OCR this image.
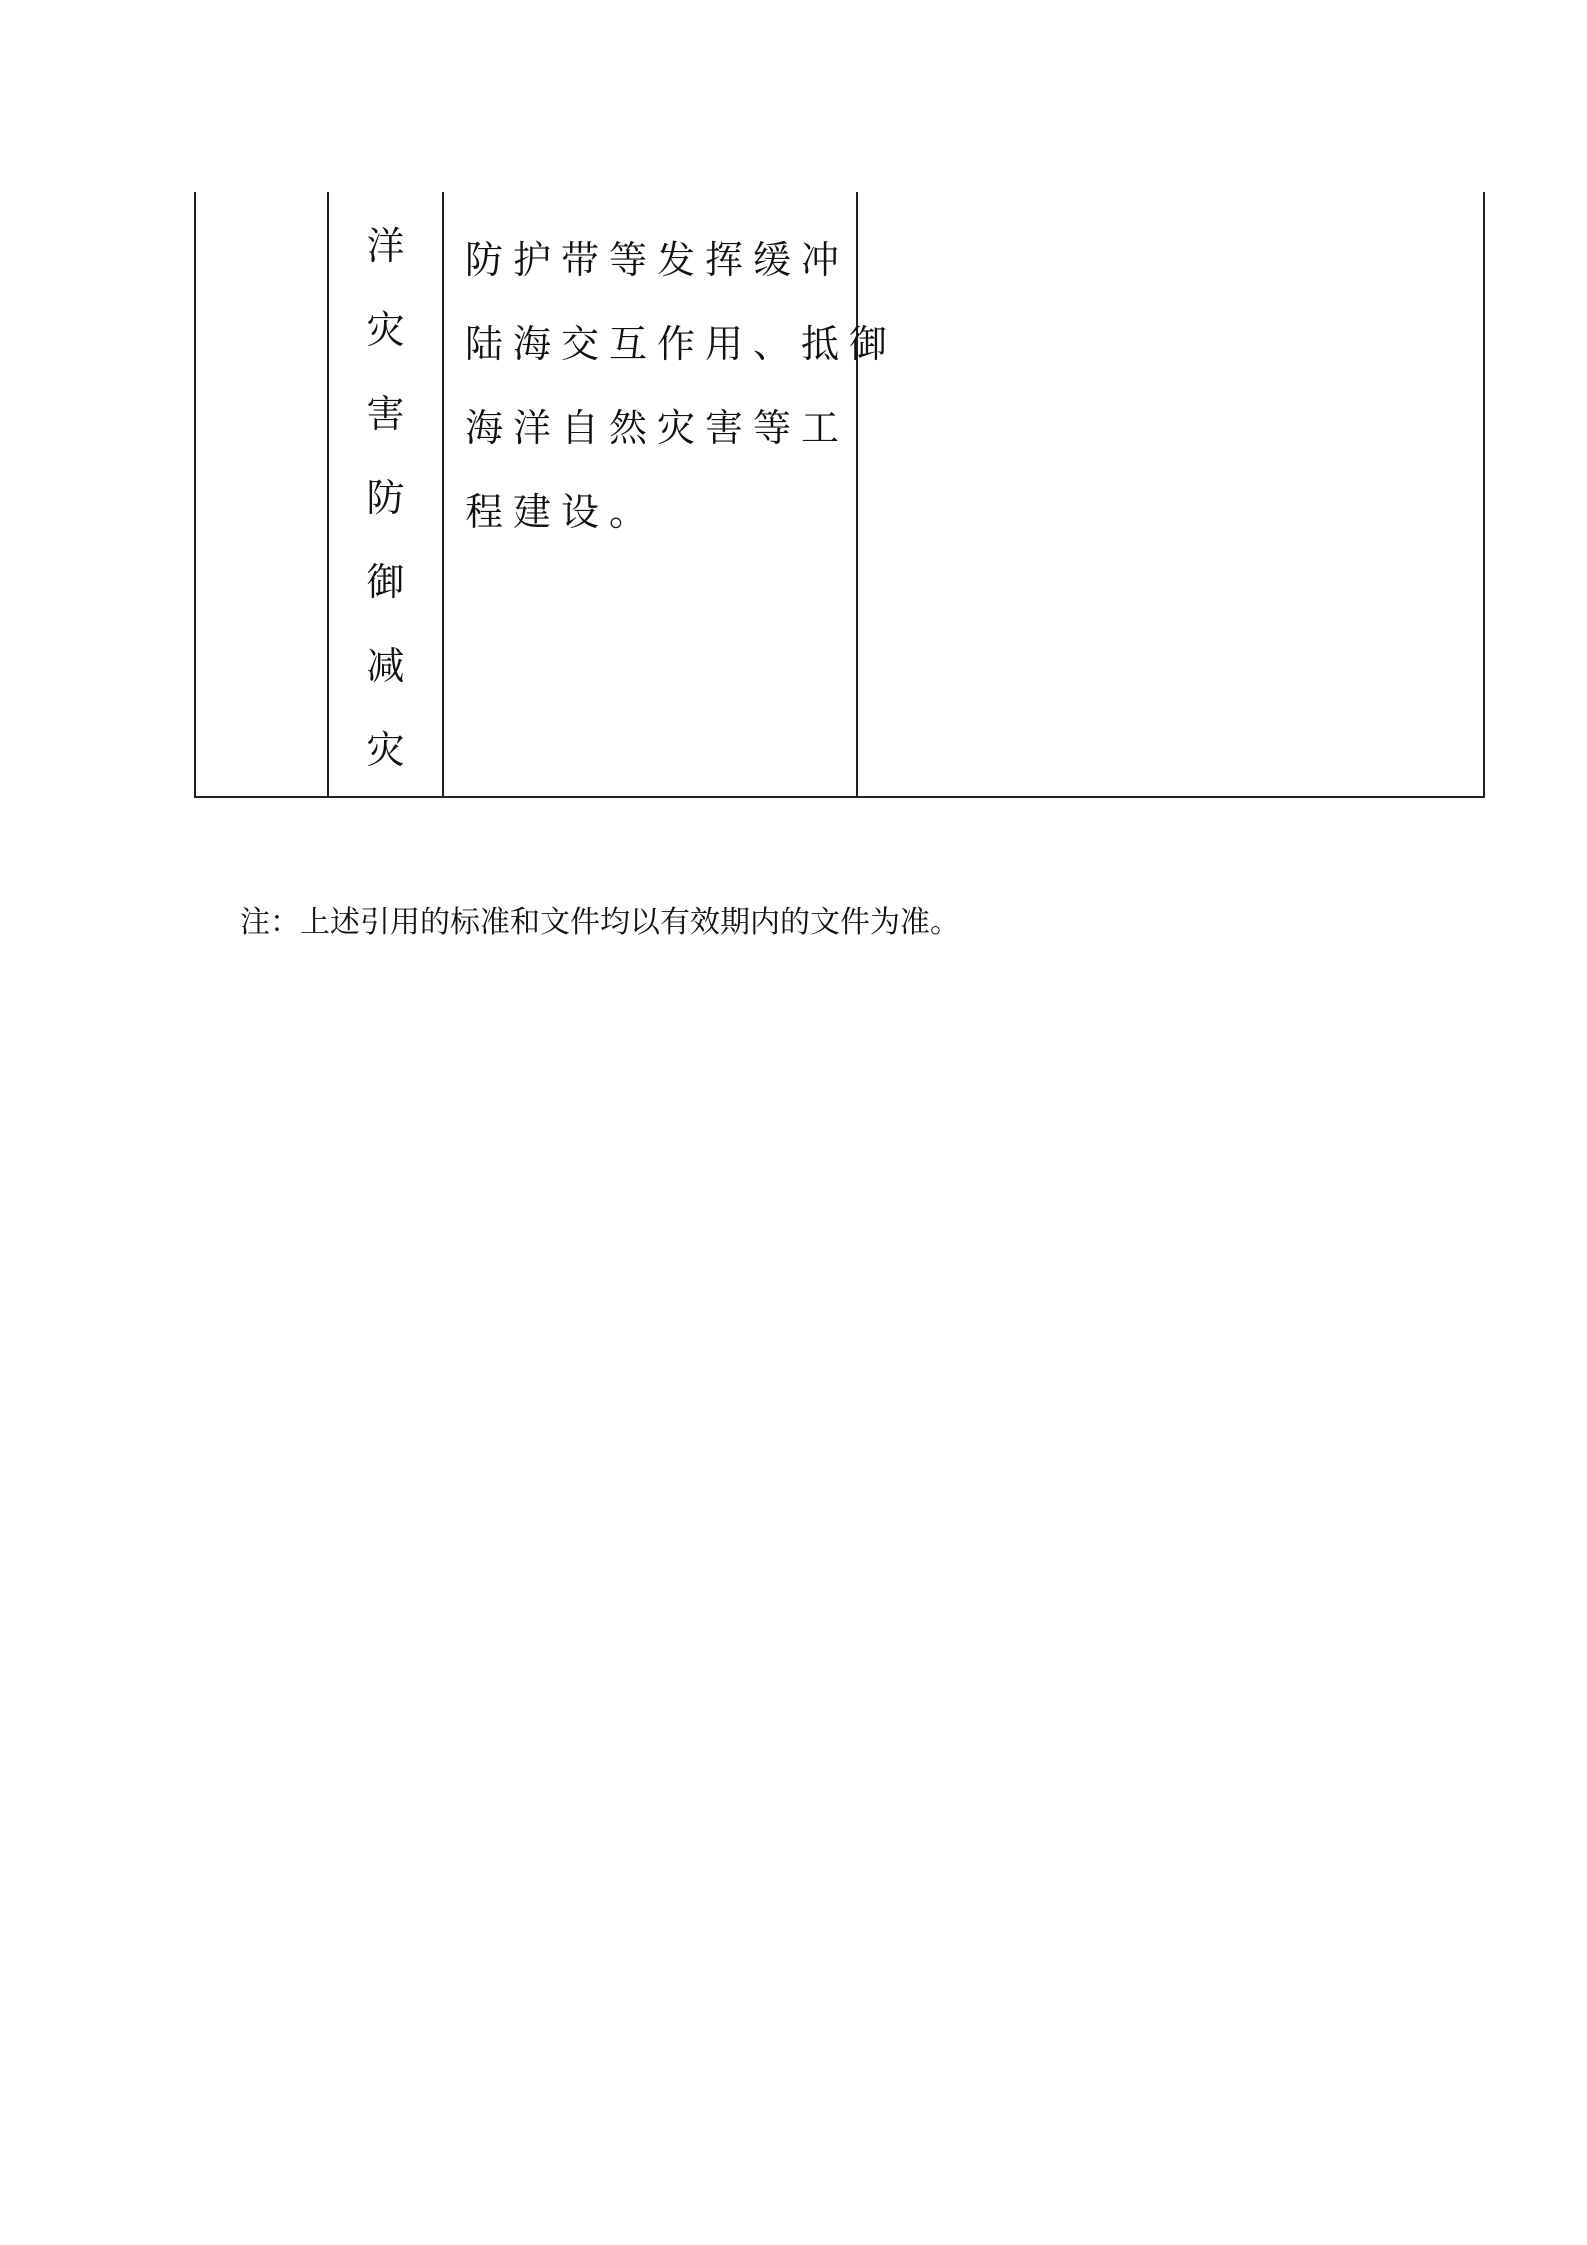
洋
灾
害
防
御
减
灾
防护带等发挥缓冲
陆海交互作用、抵御
海洋自然灾害等工
程建设。
注：上述引用的标准和文件均以有效期内的文件为准。
